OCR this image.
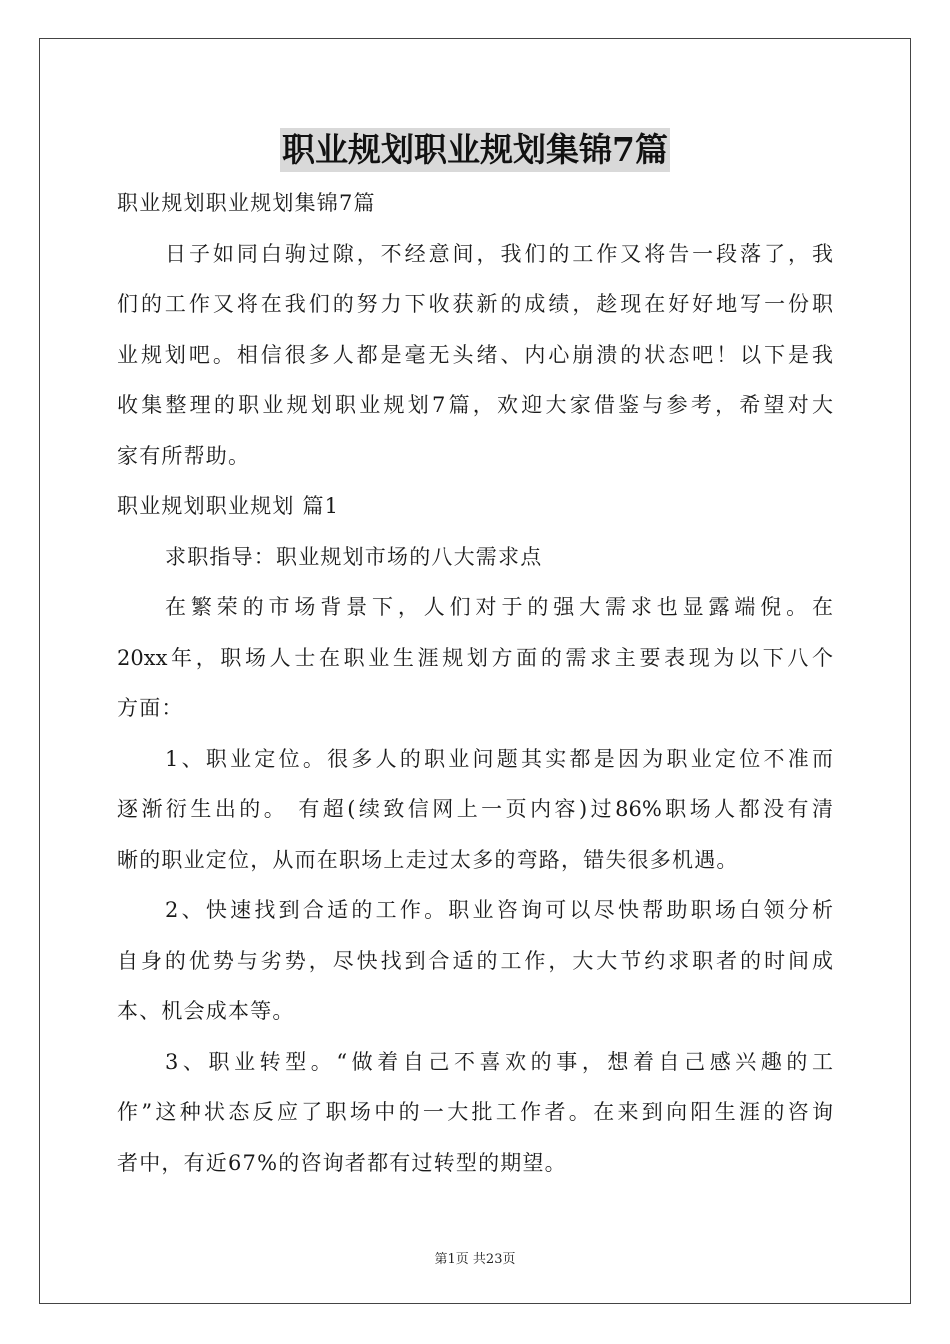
职业规划职业规划集锦7篇
职业规划职业规划集锦7篇
日子如同白驹过隙，不经意间，我们的工作又将告一段落了，我
们的工作又将在我们的努力下收获新的成绩，趁现在好好地写一份职
业规划吧。相信很多人都是毫无头绪、内心崩溃的状态吧！以下是我
收集整理的职业规划职业规划7篇，欢迎大家借鉴与参考，希望对大
家有所帮助。
职业规划职业规划 篇1
求职指导：职业规划市场的八大需求点
在繁荣的市场背景下，人们对于的强大需求也显露端倪。在
20xx年，职场人士在职业生涯规划方面的需求主要表现为以下八个
方面：
1、职业定位。很多人的职业问题其实都是因为职业定位不准而
逐渐衍生出的。 有超(续致信网上一页内容)过86%职场人都没有清
晰的职业定位，从而在职场上走过太多的弯路，错失很多机遇。
2、快速找到合适的工作。职业咨询可以尽快帮助职场白领分析
自身的优势与劣势，尽快找到合适的工作，大大节约求职者的时间成
本、机会成本等。
3、职业转型。“做着自己不喜欢的事，想着自己感兴趣的工
作”这种状态反应了职场中的一大批工作者。在来到向阳生涯的咨询
者中，有近67%的咨询者都有过转型的期望。
第1页 共23页
